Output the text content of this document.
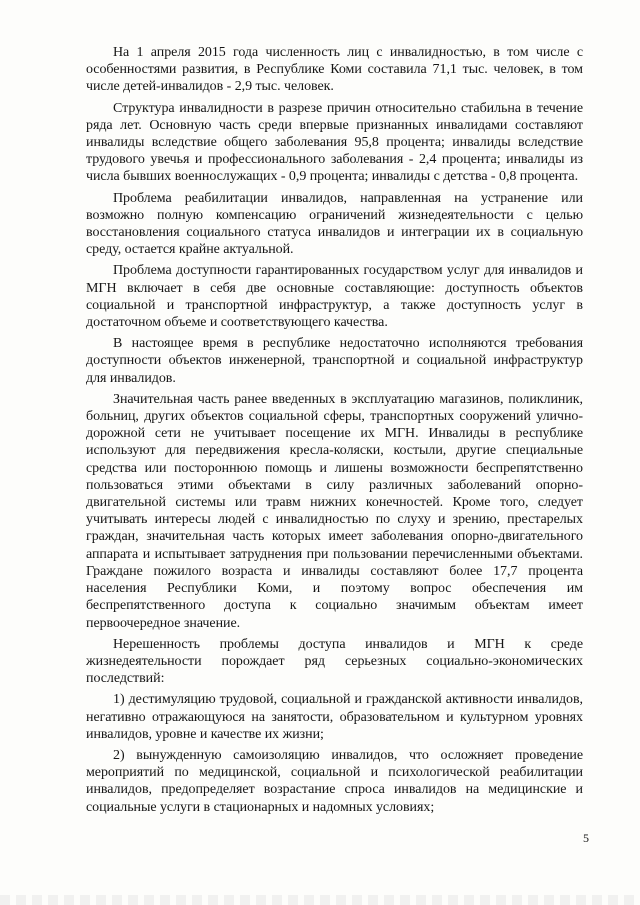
На 1 апреля 2015 года численность лиц с инвалидностью, в том числе с особенностями развития, в Республике Коми составила 71,1 тыс. человек, в том числе детей-инвалидов - 2,9 тыс. человек.

Структура инвалидности в разрезе причин относительно стабильна в течение ряда лет. Основную часть среди впервые признанных инвалидами составляют инвалиды вследствие общего заболевания 95,8 процента; инвалиды вследствие трудового увечья и профессионального заболевания - 2,4 процента; инвалиды из числа бывших военнослужащих - 0,9 процента; инвалиды с детства - 0,8 процента.

Проблема реабилитации инвалидов, направленная на устранение или возможно полную компенсацию ограничений жизнедеятельности с целью восстановления социального статуса инвалидов и интеграции их в социальную среду, остается крайне актуальной.

Проблема доступности гарантированных государством услуг для инвалидов и МГН включает в себя две основные составляющие: доступность объектов социальной и транспортной инфраструктур, а также доступность услуг в достаточном объеме и соответствующего качества.

В настоящее время в республике недостаточно исполняются требования доступности объектов инженерной, транспортной и социальной инфраструктур для инвалидов.

Значительная часть ранее введенных в эксплуатацию магазинов, поликлиник, больниц, других объектов социальной сферы, транспортных сооружений улично-дорожной сети не учитывает посещение их МГН. Инвалиды в республике используют для передвижения кресла-коляски, костыли, другие специальные средства или постороннюю помощь и лишены возможности беспрепятственно пользоваться этими объектами в силу различных заболеваний опорно-двигательной системы или травм нижних конечностей. Кроме того, следует учитывать интересы людей с инвалидностью по слуху и зрению, престарелых граждан, значительная часть которых имеет заболевания опорно-двигательного аппарата и испытывает затруднения при пользовании перечисленными объектами. Граждане пожилого возраста и инвалиды составляют более 17,7 процента населения Республики Коми, и поэтому вопрос обеспечения им беспрепятственного доступа к социально значимым объектам имеет первоочередное значение.

Нерешенность проблемы доступа инвалидов и МГН к среде жизнедеятельности порождает ряд серьезных социально-экономических последствий:

1) дестимуляцию трудовой, социальной и гражданской активности инвалидов, негативно отражающуюся на занятости, образовательном и культурном уровнях инвалидов, уровне и качестве их жизни;

2) вынужденную самоизоляцию инвалидов, что осложняет проведение мероприятий по медицинской, социальной и психологической реабилитации инвалидов, предопределяет возрастание спроса инвалидов на медицинские и социальные услуги в стационарных и надомных условиях;

5
